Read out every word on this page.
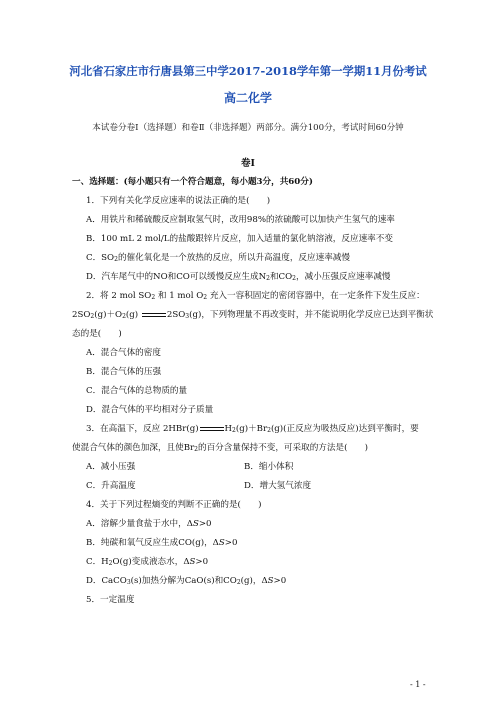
河北省石家庄市行唐县第三中学2017-2018学年第一学期11月份考试
高二化学
本试卷分卷Ⅰ（选择题）和卷Ⅱ（非选择题）两部分。满分100分，考试时间60分钟
卷Ⅰ
一、选择题：(每小题只有一个符合题意，每小题3分，共60分)
1．下列有关化学反应速率的说法正确的是(　　)
A．用铁片和稀硫酸反应制取氢气时，改用98%的浓硫酸可以加快产生氢气的速率
B．100 mL 2 mol/L的盐酸跟锌片反应，加入适量的氯化钠溶液，反应速率不变
C．SO2的催化氧化是一个放热的反应，所以升高温度，反应速率减慢
D．汽车尾气中的NO和CO可以缓慢反应生成N2和CO2，减小压强反应速率减慢
2．将 2 mol SO2 和 1 mol O2 充入一容积固定的密闭容器中，在一定条件下发生反应：
2SO2(g)＋O2(g)	2SO3(g)，下列物理量不再改变时，并不能说明化学反应已达到平衡状
态的是(　　)
A．混合气体的密度
B．混合气体的压强
C．混合气体的总物质的量
D．混合气体的平均相对分子质量
3．在高温下，反应 2HBr(g)	H2(g)＋Br2(g)(正反应为吸热反应)达到平衡时，要
使混合气体的颜色加深，且使Br2的百分含量保持不变，可采取的方法是(　　)
A．减小压强	B．缩小体积
C．升高温度	D．增大氢气浓度
4．关于下列过程熵变的判断不正确的是(　　)
A．溶解少量食盐于水中，ΔS>0
B．纯碳和氧气反应生成CO(g)，ΔS>0
C．H2O(g)变成液态水，ΔS>0
D．CaCO3(s)加热分解为CaO(s)和CO2(g)，ΔS>0
5．一定温度
- 1 -
